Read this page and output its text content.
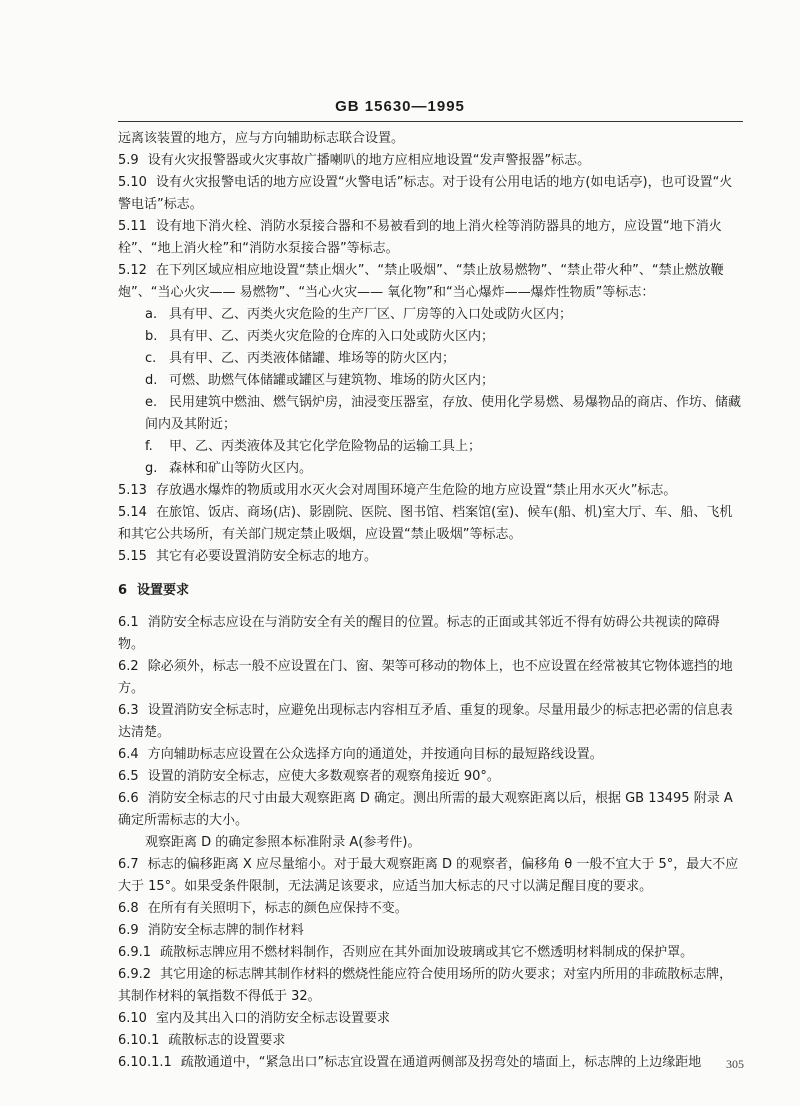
GB 15630—1995

远离该装置的地方，应与方向辅助标志联合设置。

5.9 设有火灾报警器或火灾事故广播喇叭的地方应相应地设置“发声警报器”标志。

5.10 设有火灾报警电话的地方应设置“火警电话”标志。对于设有公用电话的地方(如电话亭)，也可设置“火警电话”标志。

5.11 设有地下消火栓、消防水泵接合器和不易被看到的地上消火栓等消防器具的地方，应设置“地下消火栓”、“地上消火栓”和“消防水泵接合器”等标志。

5.12 在下列区域应相应地设置“禁止烟火”、“禁止吸烟”、“禁止放易燃物”、“禁止带火种”、“禁止燃放鞭炮”、“当心火灾—— 易燃物”、“当心火灾—— 氧化物”和“当心爆炸——爆炸性物质”等标志：

a. 具有甲、乙、丙类火灾危险的生产厂区、厂房等的入口处或防火区内；

b. 具有甲、乙、丙类火灾危险的仓库的入口处或防火区内；

c. 具有甲、乙、丙类液体储罐、堆场等的防火区内；

d. 可燃、助燃气体储罐或罐区与建筑物、堆场的防火区内；

e. 民用建筑中燃油、燃气锅炉房，油浸变压器室，存放、使用化学易燃、易爆物品的商店、作坊、储藏间内及其附近；

f. 甲、乙、丙类液体及其它化学危险物品的运输工具上；

g. 森林和矿山等防火区内。

5.13 存放遇水爆炸的物质或用水灭火会对周围环境产生危险的地方应设置“禁止用水灭火”标志。

5.14 在旅馆、饭店、商场(店)、影剧院、医院、图书馆、档案馆(室)、候车(船、机)室大厅、车、船、飞机和其它公共场所，有关部门规定禁止吸烟，应设置“禁止吸烟”等标志。

5.15 其它有必要设置消防安全标志的地方。

6 设置要求

6.1 消防安全标志应设在与消防安全有关的醒目的位置。标志的正面或其邻近不得有妨碍公共视读的障碍物。

6.2 除必须外，标志一般不应设置在门、窗、架等可移动的物体上，也不应设置在经常被其它物体遮挡的地方。

6.3 设置消防安全标志时，应避免出现标志内容相互矛盾、重复的现象。尽量用最少的标志把必需的信息表达清楚。

6.4 方向辅助标志应设置在公众选择方向的通道处，并按通向目标的最短路线设置。

6.5 设置的消防安全标志，应使大多数观察者的观察角接近 90°。

6.6 消防安全标志的尺寸由最大观察距离 D 确定。测出所需的最大观察距离以后，根据 GB 13495 附录 A 确定所需标志的大小。

观察距离 D 的确定参照本标准附录 A(参考件)。

6.7 标志的偏移距离 X 应尽量缩小。对于最大观察距离 D 的观察者，偏移角 θ 一般不宜大于 5°，最大不应大于 15°。如果受条件限制，无法满足该要求，应适当加大标志的尺寸以满足醒目度的要求。

6.8 在所有有关照明下，标志的颜色应保持不变。

6.9 消防安全标志牌的制作材料

6.9.1 疏散标志牌应用不燃材料制作，否则应在其外面加设玻璃或其它不燃透明材料制成的保护罩。

6.9.2 其它用途的标志牌其制作材料的燃烧性能应符合使用场所的防火要求；对室内所用的非疏散标志牌，其制作材料的氧指数不得低于 32。

6.10 室内及其出入口的消防安全标志设置要求

6.10.1 疏散标志的设置要求

6.10.1.1 疏散通道中，“紧急出口”标志宜设置在通道两侧部及拐弯处的墙面上，标志牌的上边缘距地	305
